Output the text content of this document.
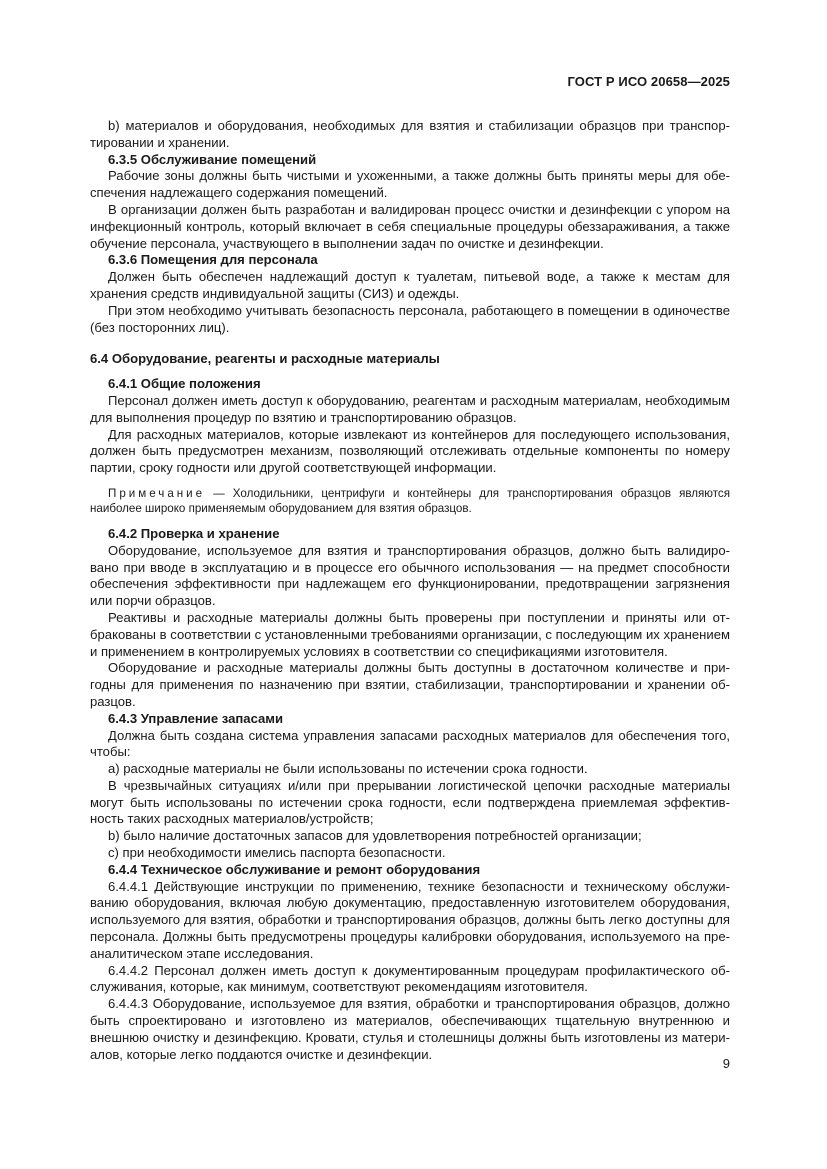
ГОСТ Р ИСО 20658—2025

b) материалов и оборудования, необходимых для взятия и стабилизации образцов при транспортировании и хранении.

6.3.5 Обслуживание помещений

Рабочие зоны должны быть чистыми и ухоженными, а также должны быть приняты меры для обеспечения надлежащего содержания помещений.

В организации должен быть разработан и валидирован процесс очистки и дезинфекции с упором на инфекционный контроль, который включает в себя специальные процедуры обеззараживания, а также обучение персонала, участвующего в выполнении задач по очистке и дезинфекции.

6.3.6 Помещения для персонала

Должен быть обеспечен надлежащий доступ к туалетам, питьевой воде, а также к местам для хранения средств индивидуальной защиты (СИЗ) и одежды.

При этом необходимо учитывать безопасность персонала, работающего в помещении в одиночестве (без посторонних лиц).

6.4 Оборудование, реагенты и расходные материалы
6.4.1 Общие положения

Персонал должен иметь доступ к оборудованию, реагентам и расходным материалам, необходимым для выполнения процедур по взятию и транспортированию образцов.

Для расходных материалов, которые извлекают из контейнеров для последующего использования, должен быть предусмотрен механизм, позволяющий отслеживать отдельные компоненты по номеру партии, сроку годности или другой соответствующей информации.

Примечание — Холодильники, центрифуги и контейнеры для транспортирования образцов являются наиболее широко применяемым оборудованием для взятия образцов.
6.4.2 Проверка и хранение

Оборудование, используемое для взятия и транспортирования образцов, должно быть валидировано при вводе в эксплуатацию и в процессе его обычного использования — на предмет способности обеспечения эффективности при надлежащем его функционировании, предотвращении загрязнения или порчи образцов.

Реактивы и расходные материалы должны быть проверены при поступлении и приняты или отбракованы в соответствии с установленными требованиями организации, с последующим их хранением и применением в контролируемых условиях в соответствии со спецификациями изготовителя.

Оборудование и расходные материалы должны быть доступны в достаточном количестве и пригодны для применения по назначению при взятии, стабилизации, транспортировании и хранении образцов.

6.4.3 Управление запасами

Должна быть создана система управления запасами расходных материалов для обеспечения того, чтобы:

а) расходные материалы не были использованы по истечении срока годности.

В чрезвычайных ситуациях и/или при прерывании логистической цепочки расходные материалы могут быть использованы по истечении срока годности, если подтверждена приемлемая эффективность таких расходных материалов/устройств;

b) было наличие достаточных запасов для удовлетворения потребностей организации;

c) при необходимости имелись паспорта безопасности.

6.4.4 Техническое обслуживание и ремонт оборудования

6.4.4.1 Действующие инструкции по применению, технике безопасности и техническому обслуживанию оборудования, включая любую документацию, предоставленную изготовителем оборудования, используемого для взятия, обработки и транспортирования образцов, должны быть легко доступны для персонала. Должны быть предусмотрены процедуры калибровки оборудования, используемого на преаналитическом этапе исследования.

6.4.4.2 Персонал должен иметь доступ к документированным процедурам профилактического обслуживания, которые, как минимум, соответствуют рекомендациям изготовителя.

6.4.4.3 Оборудование, используемое для взятия, обработки и транспортирования образцов, должно быть спроектировано и изготовлено из материалов, обеспечивающих тщательную внутреннюю и внешнюю очистку и дезинфекцию. Кровати, стулья и столешницы должны быть изготовлены из материалов, которые легко поддаются очистке и дезинфекции.

9
